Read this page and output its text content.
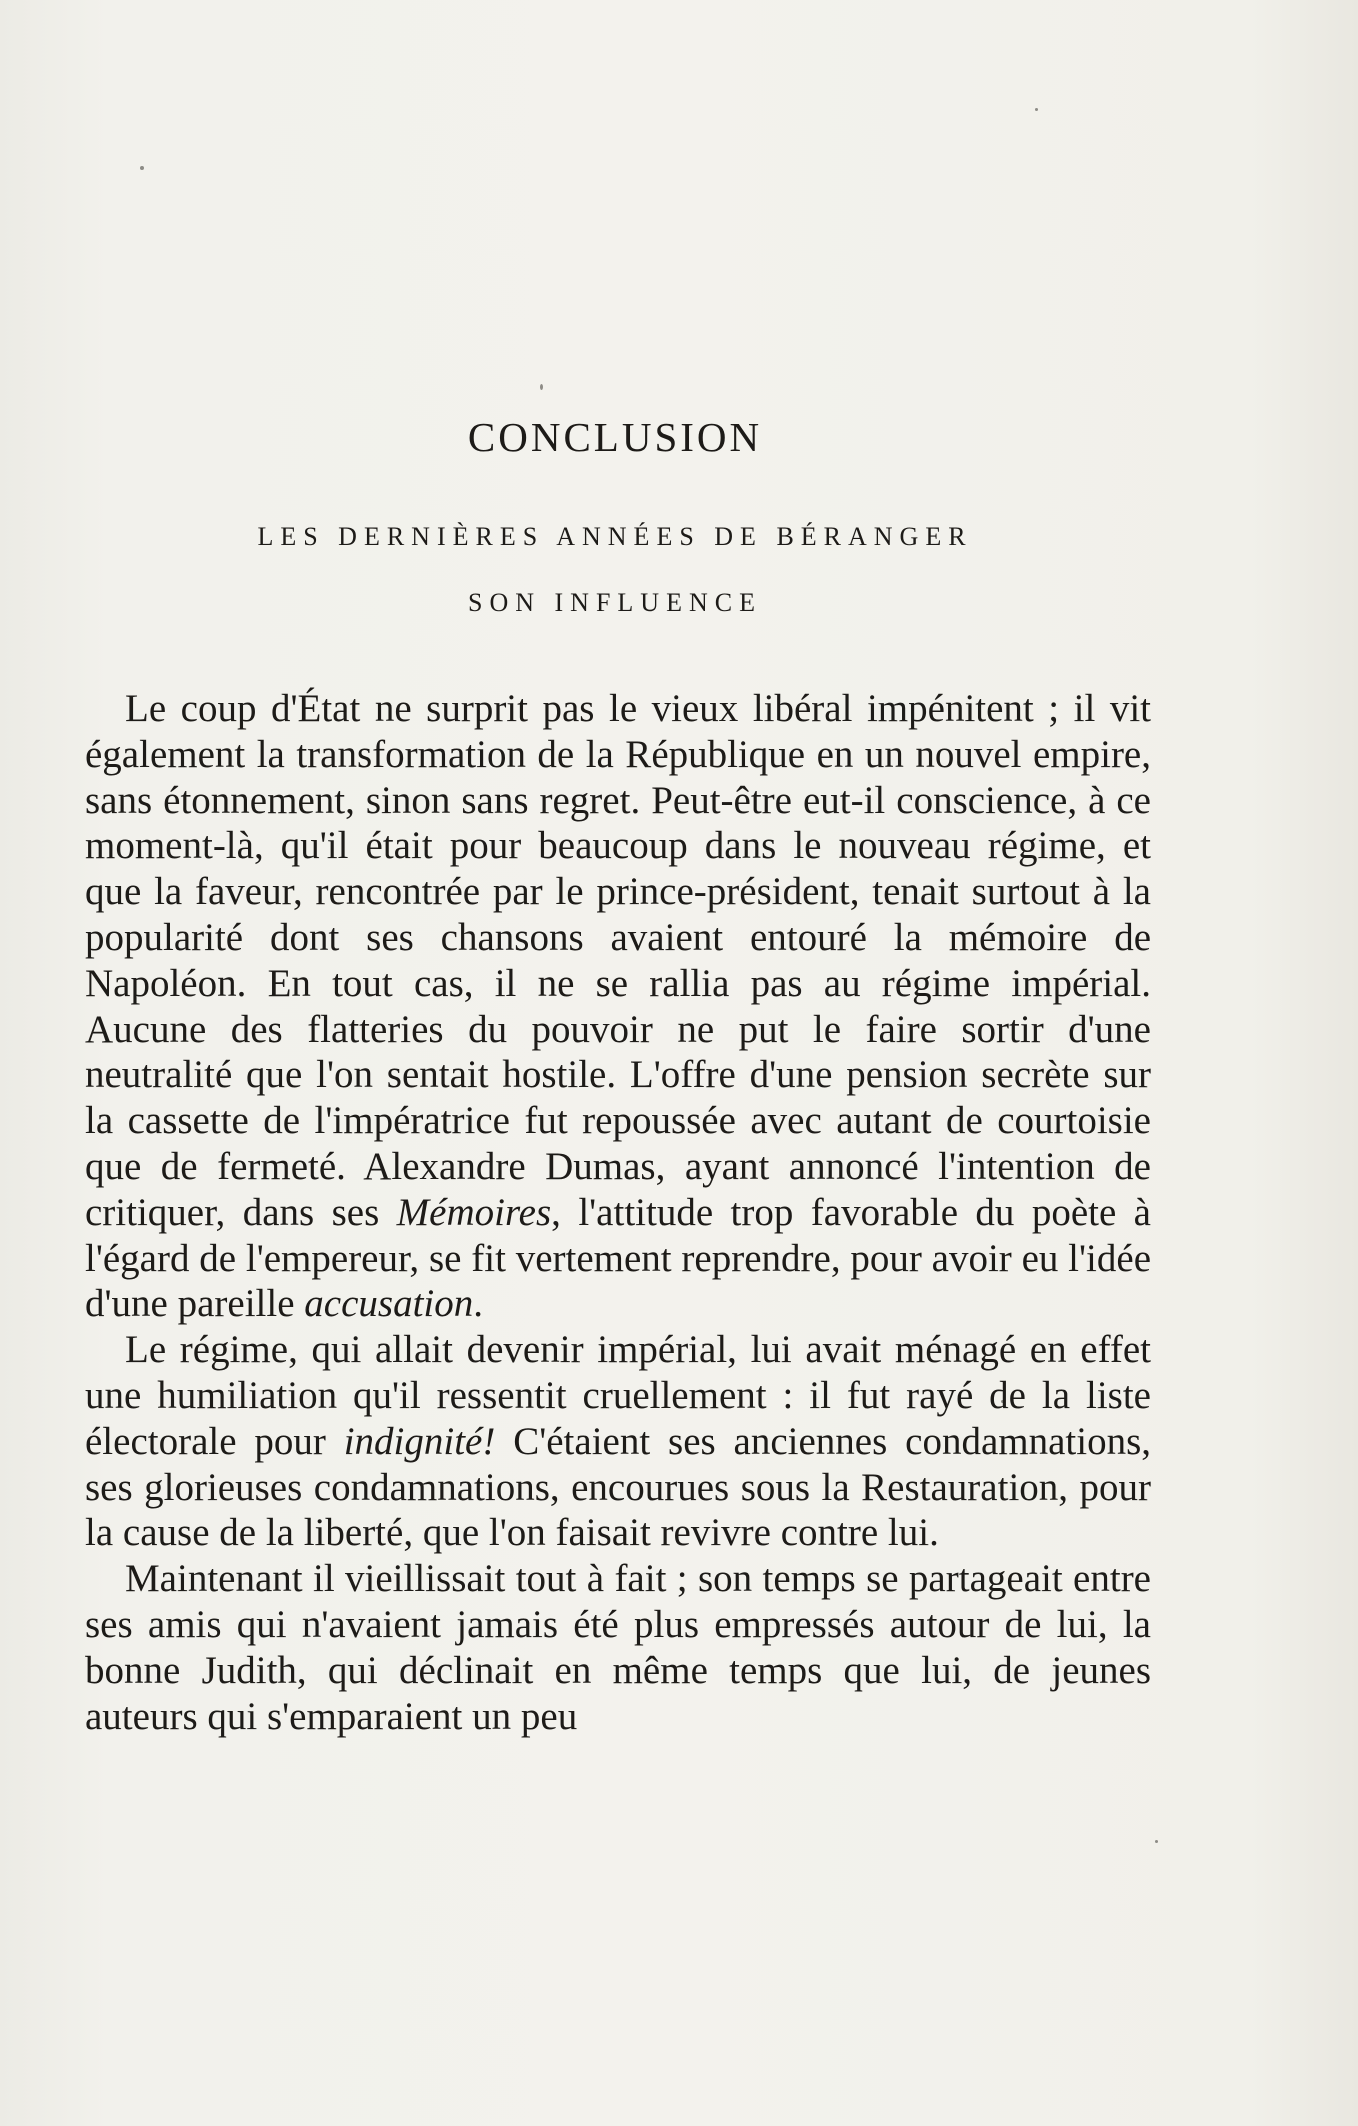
CONCLUSION
LES DERNIÈRES ANNÉES DE BÉRANGER
SON INFLUENCE

Le coup d'État ne surprit pas le vieux libéral impénitent ; il vit également la transformation de la République en un nouvel empire, sans étonnement, sinon sans regret. Peut-être eut-il conscience, à ce moment-là, qu'il était pour beaucoup dans le nouveau régime, et que la faveur, rencontrée par le prince-président, tenait surtout à la popularité dont ses chansons avaient entouré la mémoire de Napoléon. En tout cas, il ne se rallia pas au régime impérial. Aucune des flatteries du pouvoir ne put le faire sortir d'une neutralité que l'on sentait hostile. L'offre d'une pension secrète sur la cassette de l'impératrice fut repoussée avec autant de courtoisie que de fermeté. Alexandre Dumas, ayant annoncé l'intention de critiquer, dans ses Mémoires, l'attitude trop favorable du poète à l'égard de l'empereur, se fit vertement reprendre, pour avoir eu l'idée d'une pareille accusation.

Le régime, qui allait devenir impérial, lui avait ménagé en effet une humiliation qu'il ressentit cruellement : il fut rayé de la liste électorale pour indignité! C'étaient ses anciennes condamnations, ses glorieuses condamnations, encourues sous la Restauration, pour la cause de la liberté, que l'on faisait revivre contre lui.

Maintenant il vieillissait tout à fait ; son temps se partageait entre ses amis qui n'avaient jamais été plus empressés autour de lui, la bonne Judith, qui déclinait en même temps que lui, de jeunes auteurs qui s'emparaient un peu
